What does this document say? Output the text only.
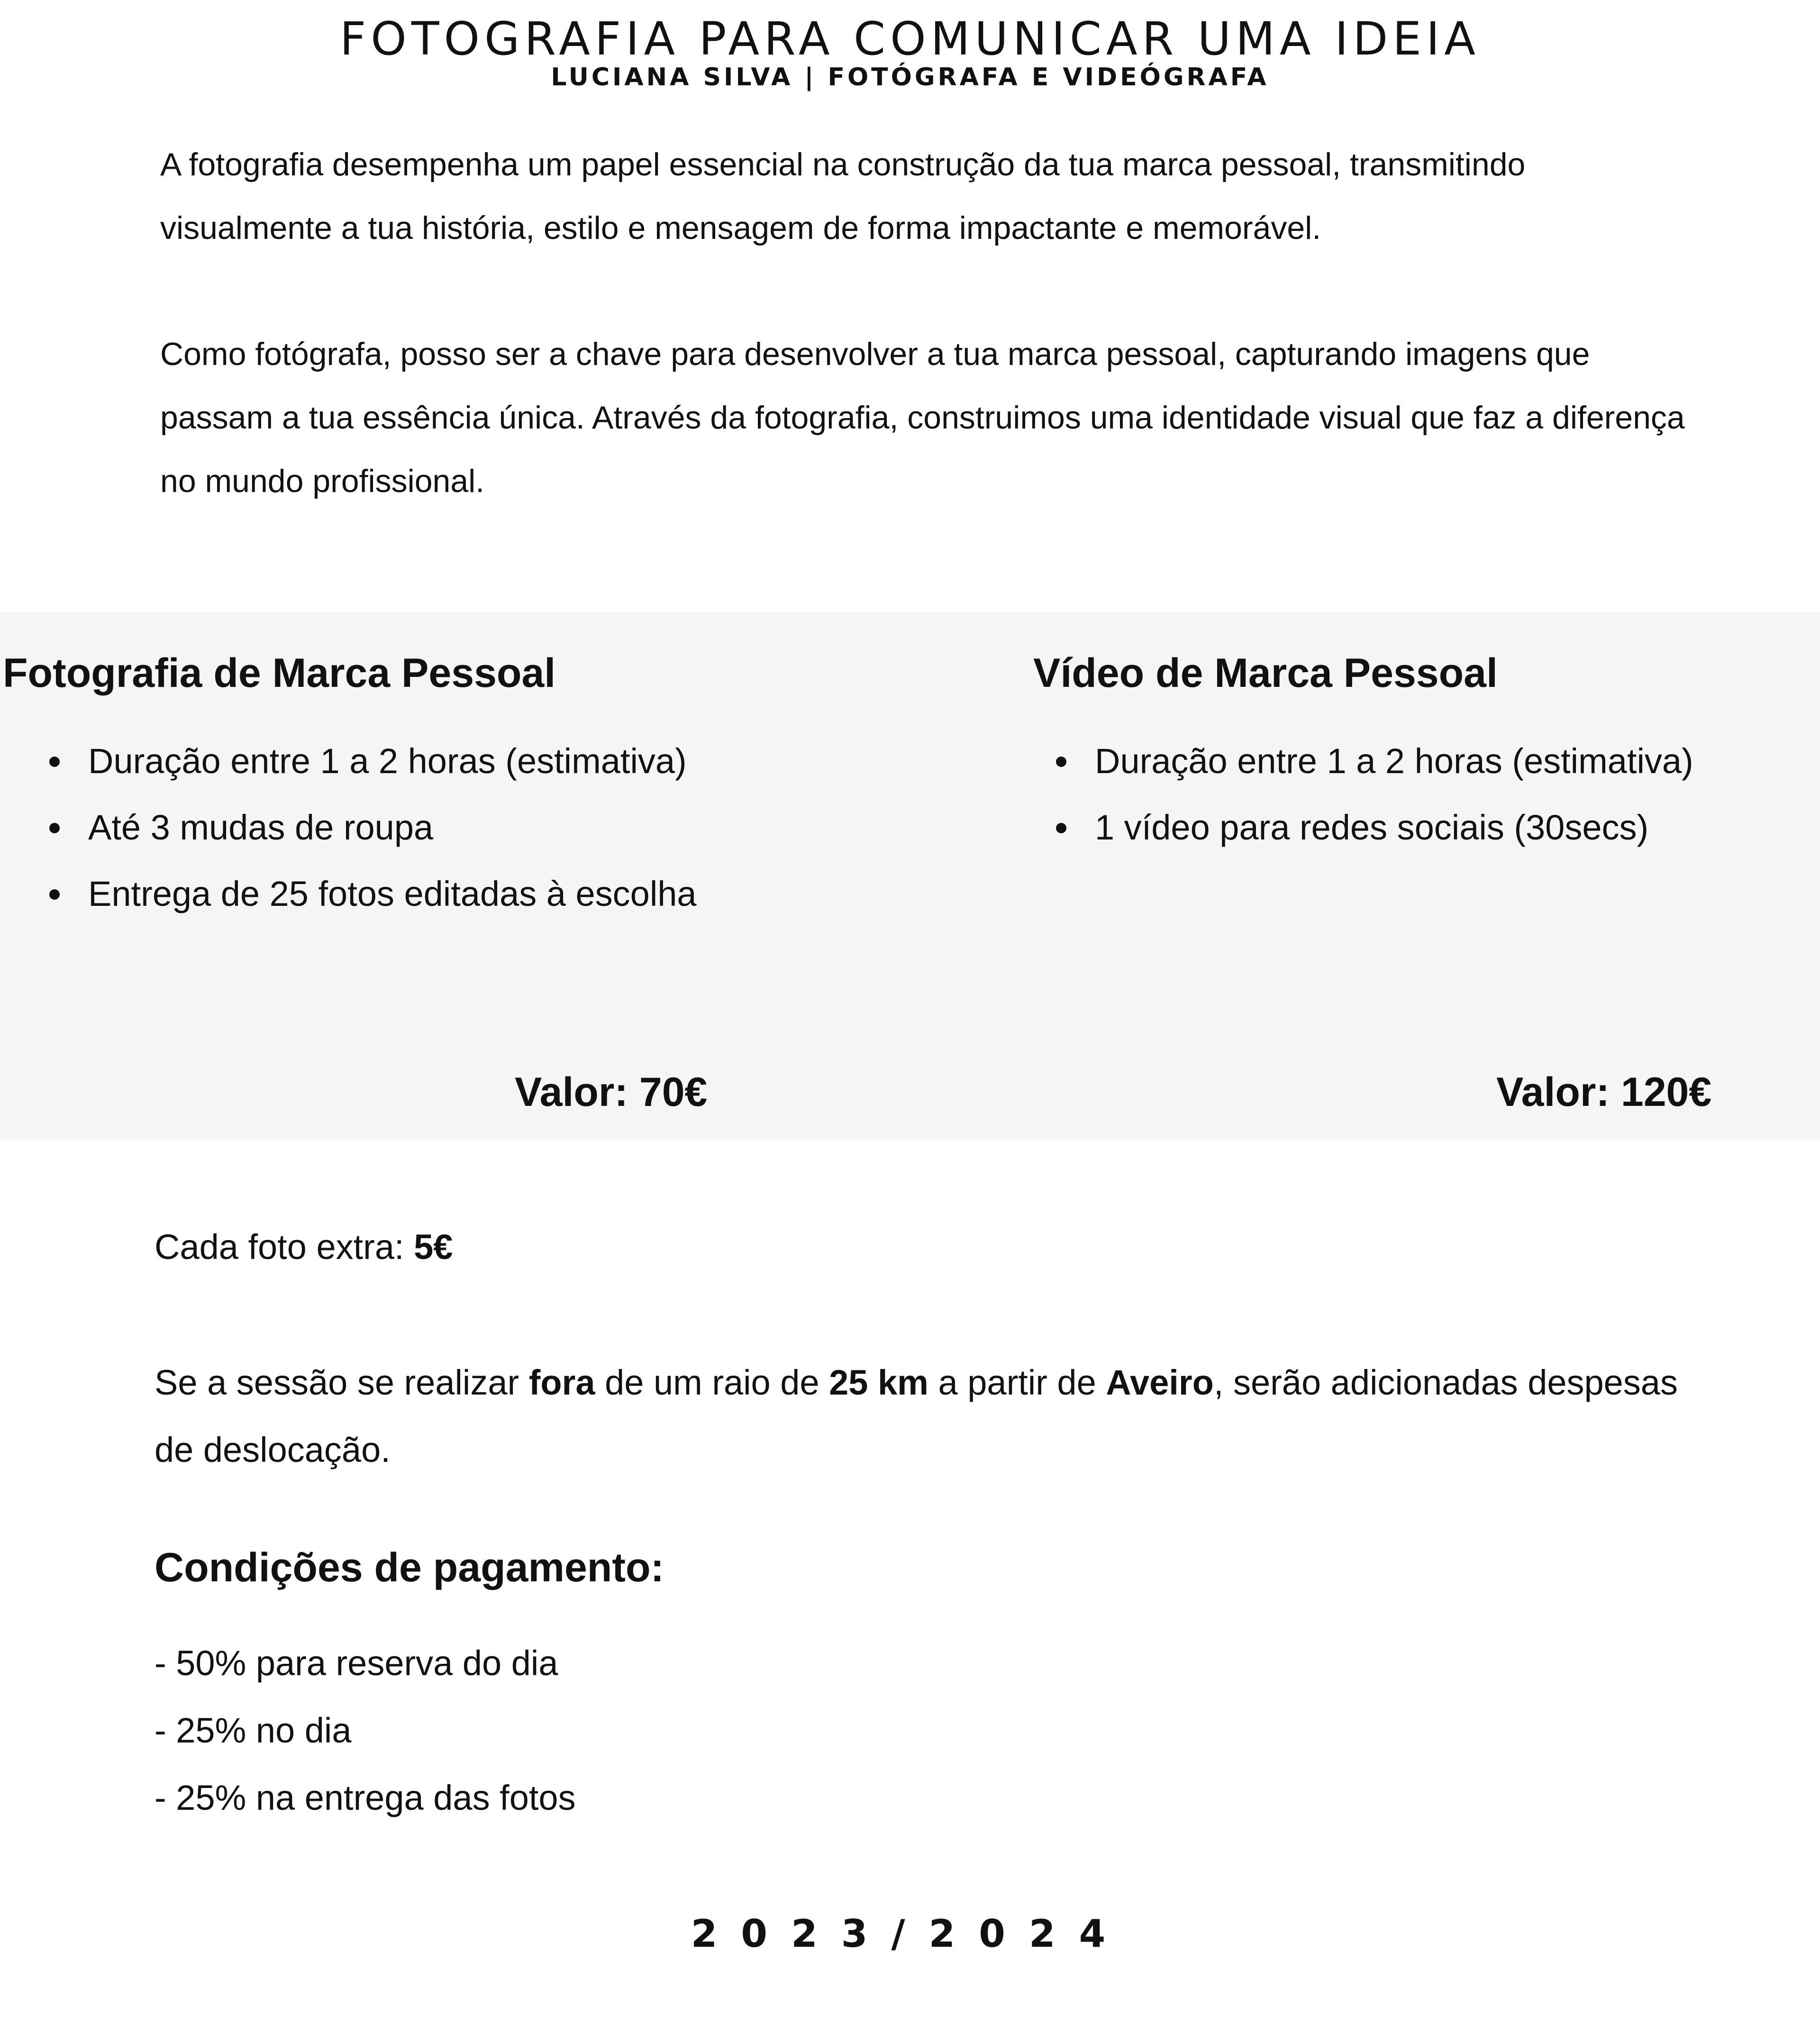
FOTOGRAFIA PARA COMUNICAR UMA IDEIA
LUCIANA SILVA | FOTÓGRAFA E VIDEÓGRAFA

A fotografia desempenha um papel essencial na construção da tua marca pessoal, transmitindo visualmente a tua história, estilo e mensagem de forma impactante e memorável.

Como fotógrafa, posso ser a chave para desenvolver a tua marca pessoal, capturando imagens que passam a tua essência única. Através da fotografia, construimos uma identidade visual que faz a diferença no mundo profissional.

Fotografia de Marca Pessoal
Duração entre 1 a 2 horas (estimativa)
Até 3 mudas de roupa
Entrega de 25 fotos editadas à escolha
Valor: 70€
Vídeo de Marca Pessoal
Duração entre 1 a 2 horas (estimativa)
1 vídeo para redes sociais (30secs)
Valor: 120€
Cada foto extra: 5€
Se a sessão se realizar fora de um raio de 25 km a partir de Aveiro, serão adicionadas despesas de deslocação.
Condições de pagamento:
- 50% para reserva do dia
- 25% no dia
- 25% na entrega das fotos
2023/2024
